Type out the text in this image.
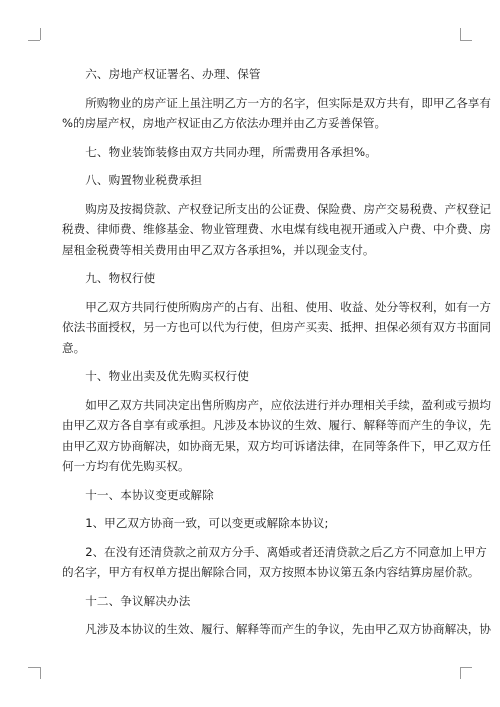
六、房地产权证署名、办理、保管

所购物业的房产证上虽注明乙方一方的名字，但实际是双方共有，即甲乙各享有
%的房屋产权，房地产权证由乙方依法办理并由乙方妥善保管。

七、物业装饰装修由双方共同办理，所需费用各承担%。

八、购置物业税费承担

购房及按揭贷款、产权登记所支出的公证费、保险费、房产交易税费、产权登记
税费、律师费、维修基金、物业管理费、水电煤有线电视开通或入户费、中介费、房
屋租金税费等相关费用由甲乙双方各承担%，并以现金支付。

九、物权行使

甲乙双方共同行使所购房产的占有、出租、使用、收益、处分等权利，如有一方
依法书面授权，另一方也可以代为行使，但房产买卖、抵押、担保必须有双方书面同
意。

十、物业出卖及优先购买权行使

如甲乙双方共同决定出售所购房产，应依法进行并办理相关手续，盈利或亏损均
由甲乙双方各自享有或承担。凡涉及本协议的生效、履行、解释等而产生的争议，先
由甲乙双方协商解决，如协商无果，双方均可诉诸法律，在同等条件下，甲乙双方任
何一方均有优先购买权。

十一、本协议变更或解除

1、甲乙双方协商一致，可以变更或解除本协议;

2、在没有还清贷款之前双方分手、离婚或者还清贷款之后乙方不同意加上甲方
的名字，甲方有权单方提出解除合同，双方按照本协议第五条内容结算房屋价款。

十二、争议解决办法

凡涉及本协议的生效、履行、解释等而产生的争议，先由甲乙双方协商解决，协
